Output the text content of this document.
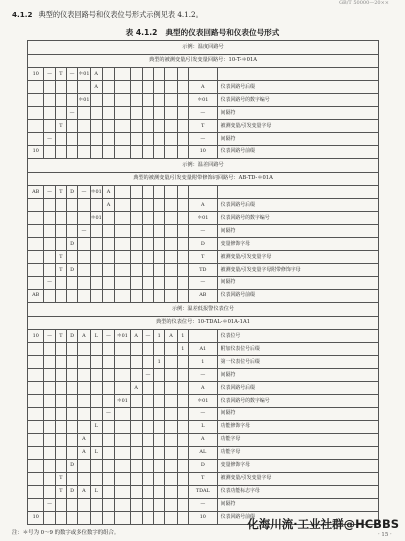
GB/T 50000—20××
4.1.2 典型的仪表回路号和仪表位号形式示例见表 4.1.2。
表 4.1.2 典型的仪表回路号和仪表位号形式
示例：温度回路号														
典型的被测变量/引发变量回路号：10-T-＊01A														
10	—	T	—	＊01	A									
					A								A	仪表回路号后缀
				＊01									＊01	仪表回路号的数字编号
			—										—	间隔符
		T											T	被测变量/引发变量字母
	—												—	间隔符
10													10	仪表回路号前缀
示例：温差回路号														
典型的被测变量/引发变量附带修饰词回路号：AB-TD-＊01A														
AB	—	T	D	—	＊01	A								
						A							A	仪表回路号后缀
					＊01								＊01	仪表回路号的数字编号
				—									—	间隔符
			D										D	变量修饰字母
		T											T	被测变量/引发变量字母
		T	D										TD	被测变量/引发变量字母附带修饰字母
	—												—	间隔符
AB													AB	仪表回路号前缀
示例：温差低报警仪表位号														
典型的仪表位号：10-TDAL-＊01A-1A1														
10	—	T	D	A	L	—	＊01	A	—	1	A	1		仪表位号
												1	A1	附加仪表位号后缀
										1			1	第一仪表位号后缀
									—				—	间隔符
								A					A	仪表回路号后缀
							＊01						＊01	仪表回路号的数字编号
						—							—	间隔符
					L								L	功能修饰字母
				A									A	功能字母
				A	L								AL	功能字母
			D										D	变量修饰字母
		T											T	被测变量/引发变量字母
		T	D	A	L								TDAL	仪表功能标志字母
	—												—	间隔符
10													10	仪表回路号前缀
注：＊号为 0～9 的数字或多位数字的组合。
化海川流·工业社群@HCBBS
· 15 ·
